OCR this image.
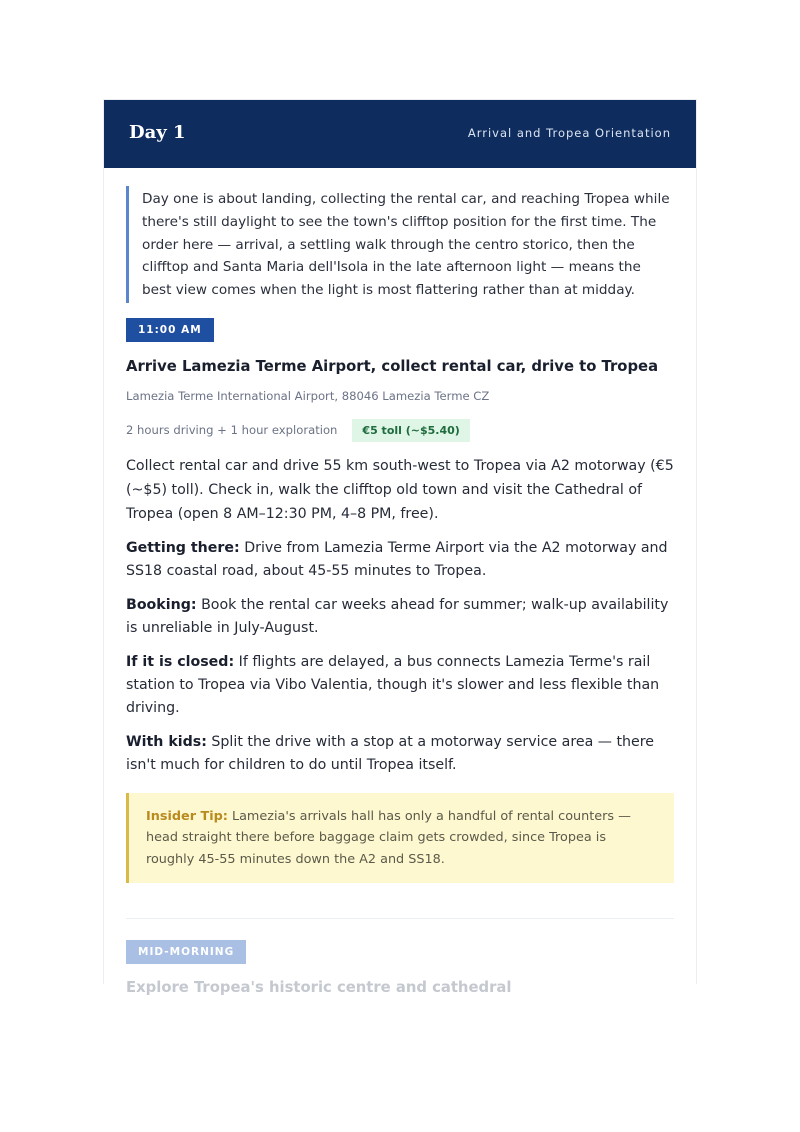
Day 1	Arrival and Tropea Orientation
Day one is about landing, collecting the rental car, and reaching Tropea while there's still daylight to see the town's clifftop position for the first time. The order here — arrival, a settling walk through the centro storico, then the clifftop and Santa Maria dell'Isola in the late afternoon light — means the best view comes when the light is most flattering rather than at midday.
11:00 AM
Arrive Lamezia Terme Airport, collect rental car, drive to Tropea
Lamezia Terme International Airport, 88046 Lamezia Terme CZ
2 hours driving + 1 hour exploration	€5 toll (~$5.40)
Collect rental car and drive 55 km south-west to Tropea via A2 motorway (€5 (~$5) toll). Check in, walk the clifftop old town and visit the Cathedral of Tropea (open 8 AM–12:30 PM, 4–8 PM, free).
Getting there: Drive from Lamezia Terme Airport via the A2 motorway and SS18 coastal road, about 45-55 minutes to Tropea.
Booking: Book the rental car weeks ahead for summer; walk-up availability is unreliable in July-August.
If it is closed: If flights are delayed, a bus connects Lamezia Terme's rail station to Tropea via Vibo Valentia, though it's slower and less flexible than driving.
With kids: Split the drive with a stop at a motorway service area — there isn't much for children to do until Tropea itself.
Insider Tip: Lamezia's arrivals hall has only a handful of rental counters — head straight there before baggage claim gets crowded, since Tropea is roughly 45-55 minutes down the A2 and SS18.
MID-MORNING
Explore Tropea's historic centre and cathedral
